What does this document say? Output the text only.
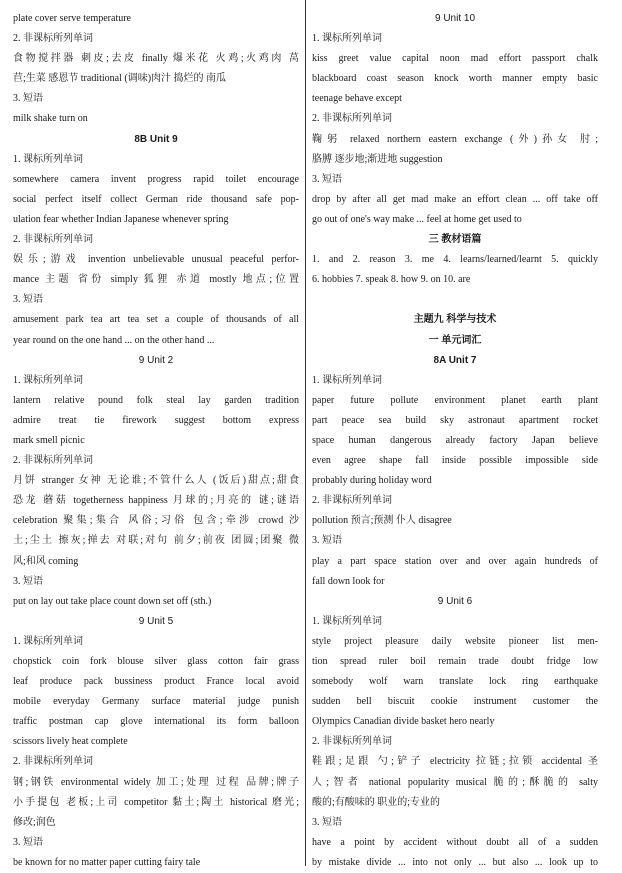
plate cover serve temperature
2. 非课标所列单词
食物搅拌器 刺皮;去皮 finally 爆米花 火鸡;火鸡肉 莴
苣;生菜 感恩节 traditional (调味)肉汁 捣烂的 南瓜
3. 短语
milk shake turn on
8B Unit 9
1. 课标所列单词
somewhere camera invent progress rapid toilet encourage
social perfect itself collect German ride thousand safe pop-
ulation fear whether Indian Japanese whenever spring
2. 非课标所列单词
娱乐;游戏 invention unbelievable unusual peaceful perfor-
mance 主题 省份 simply 狐狸 赤道 mostly 地点;位置
3. 短语
amusement park tea art tea set a couple of thousands of all
year round on the one hand ... on the other hand ...
9 Unit 2
1. 课标所列单词
lantern relative pound folk steal lay garden tradition
admire treat tie firework suggest bottom express
mark smell picnic
2. 非课标所列单词
月饼 stranger 女神 无论谁;不管什么人 (饭后)甜点;甜食
恐龙 蘑菇 togetherness happiness 月球的;月亮的 谜;谜语
celebration 聚集;集合 风俗;习俗 包含;牵涉 crowd 沙
土;尘土 擦灰;掸去 对联;对句 前夕;前夜 团圆;团聚 微
风;和风 coming
3. 短语
put on lay out take place count down set off (sth.)
9 Unit 5
1. 课标所列单词
chopstick coin fork blouse silver glass cotton fair grass
leaf produce pack bussiness product France local avoid
mobile everyday Germany surface material judge punish
traffic postman cap glove international its form balloon
scissors lively heat complete
2. 非课标所列单词
钢;钢铁 environmental widely 加工;处理 过程 品牌;牌子
小手提包 老板;上司 competitor 黏土;陶土 historical 磨光;
修改;润色
3. 短语
be known for no matter paper cutting fairy tale
9 Unit 10
1. 课标所列单词
kiss greet value capital noon mad effort passport chalk
blackboard coast season knock worth manner empty basic
teenage behave except
2. 非课标所列单词
鞠躬 relaxed northern eastern exchange (外)孙女 肘;
胳膊 逐步地;渐进地 suggestion
3. 短语
drop by after all get mad make an effort clean ... off take off
go out of one's way make ... feel at home get used to
三 教材语篇
1. and 2. reason 3. me 4. learns/learned/learnt 5. quickly
6. hobbies 7. speak 8. how 9. on 10. are
主题九 科学与技术
一 单元词汇
8A Unit 7
1. 课标所列单词
paper future pollute environment planet earth plant
part peace sea build sky astronaut apartment rocket
space human dangerous already factory Japan believe
even agree shape fall inside possible impossible side
probably during holiday word
2. 非课标所列单词
pollution 预言;预测 仆人 disagree
3. 短语
play a part space station over and over again hundreds of
fall down look for
9 Unit 6
1. 课标所列单词
style project pleasure daily website pioneer list men-
tion spread ruler boil remain trade doubt fridge low
somebody wolf warn translate lock ring earthquake
sudden bell biscuit cookie instrument customer the
Olympics Canadian divide basket hero nearly
2. 非课标所列单词
鞋跟;足跟 勺;铲子 electricity 拉链;拉锁 accidental 圣
人;智者 national popularity musical 脆的;酥脆的 salty
酸的;有酸味的 职业的;专业的
3. 短语
have a point by accident without doubt all of a sudden
by mistake divide ... into not only ... but also ... look up to
